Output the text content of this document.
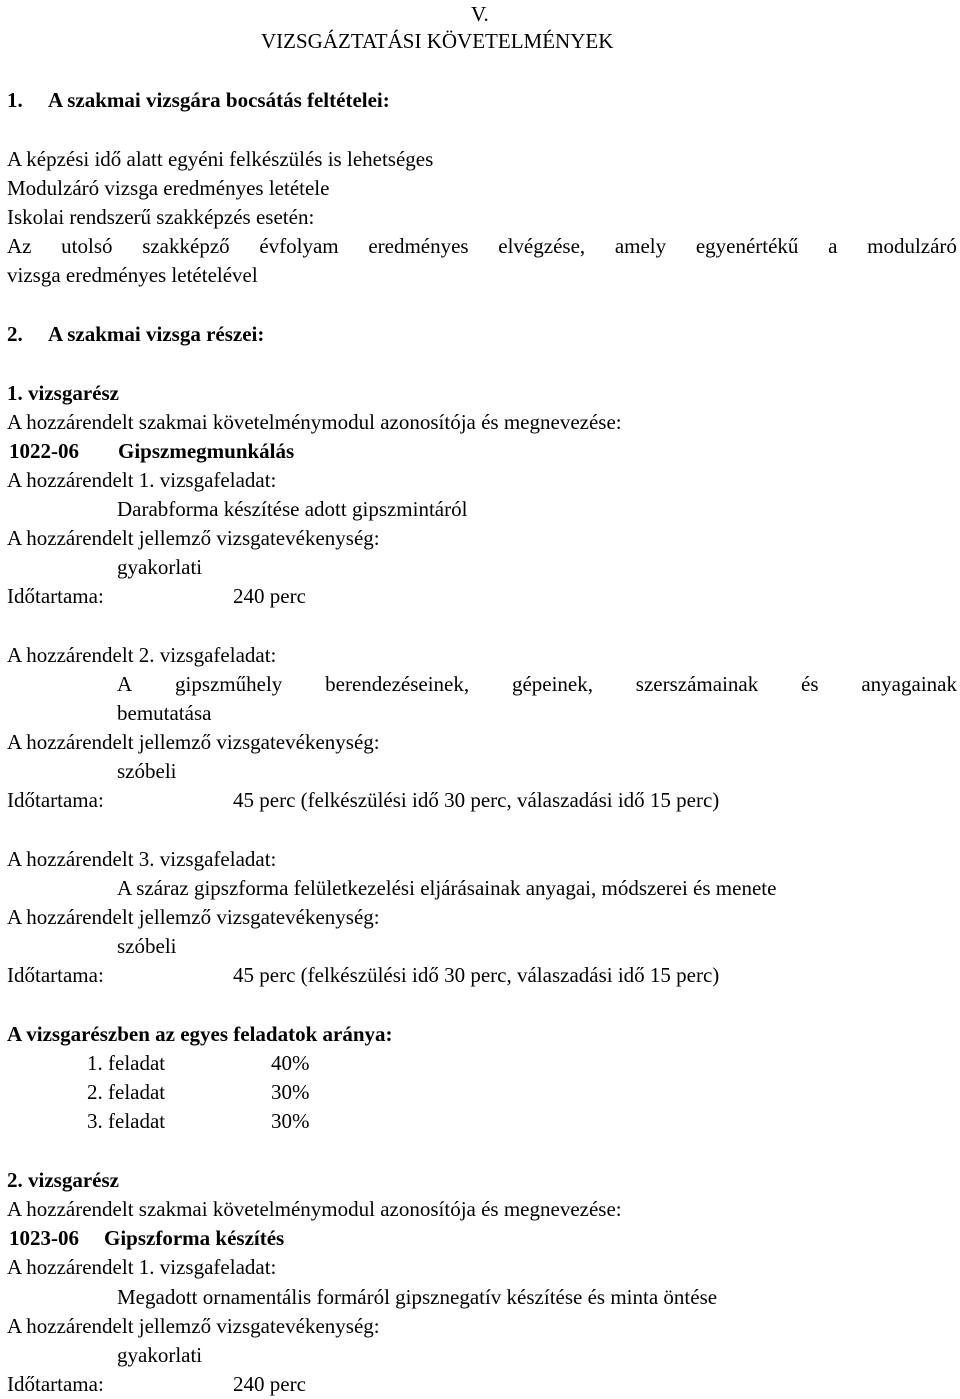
V.
VIZSGÁZTATÁSI KÖVETELMÉNYEK
1. A szakmai vizsgára bocsátás feltételei:
A képzési idő alatt egyéni felkészülés is lehetséges
Modulzáró vizsga eredményes letétele
Iskolai rendszerű szakképzés esetén:
Az utolsó szakképző évfolyam eredményes elvégzése, amely egyenértékű a modulzáró
vizsga eredményes letételével
2. A szakmai vizsga részei:
1. vizsgarész
A hozzárendelt szakmai követelménymodul azonosítója és megnevezése:
1022-06 Gipszmegmunkálás
A hozzárendelt 1. vizsgafeladat:
Darabforma készítése adott gipszmintáról
A hozzárendelt jellemző vizsgatevékenység:
gyakorlati
Időtartama:	240 perc
A hozzárendelt 2. vizsgafeladat:
A gipszműhely berendezéseinek, gépeinek, szerszámainak és anyagainak
bemutatása
A hozzárendelt jellemző vizsgatevékenység:
szóbeli
Időtartama:	45 perc (felkészülési idő 30 perc, válaszadási idő 15 perc)
A hozzárendelt 3. vizsgafeladat:
A száraz gipszforma felületkezelési eljárásainak anyagai, módszerei és menete
A hozzárendelt jellemző vizsgatevékenység:
szóbeli
Időtartama:	45 perc (felkészülési idő 30 perc, válaszadási idő 15 perc)
A vizsgarészben az egyes feladatok aránya:
1. feladat	40%
2. feladat	30%
3. feladat	30%
2. vizsgarész
A hozzárendelt szakmai követelménymodul azonosítója és megnevezése:
1023-06 Gipszforma készítés
A hozzárendelt 1. vizsgafeladat:
Megadott ornamentális formáról gipsznegatív készítése és minta öntése
A hozzárendelt jellemző vizsgatevékenység:
gyakorlati
Időtartama:	240 perc
